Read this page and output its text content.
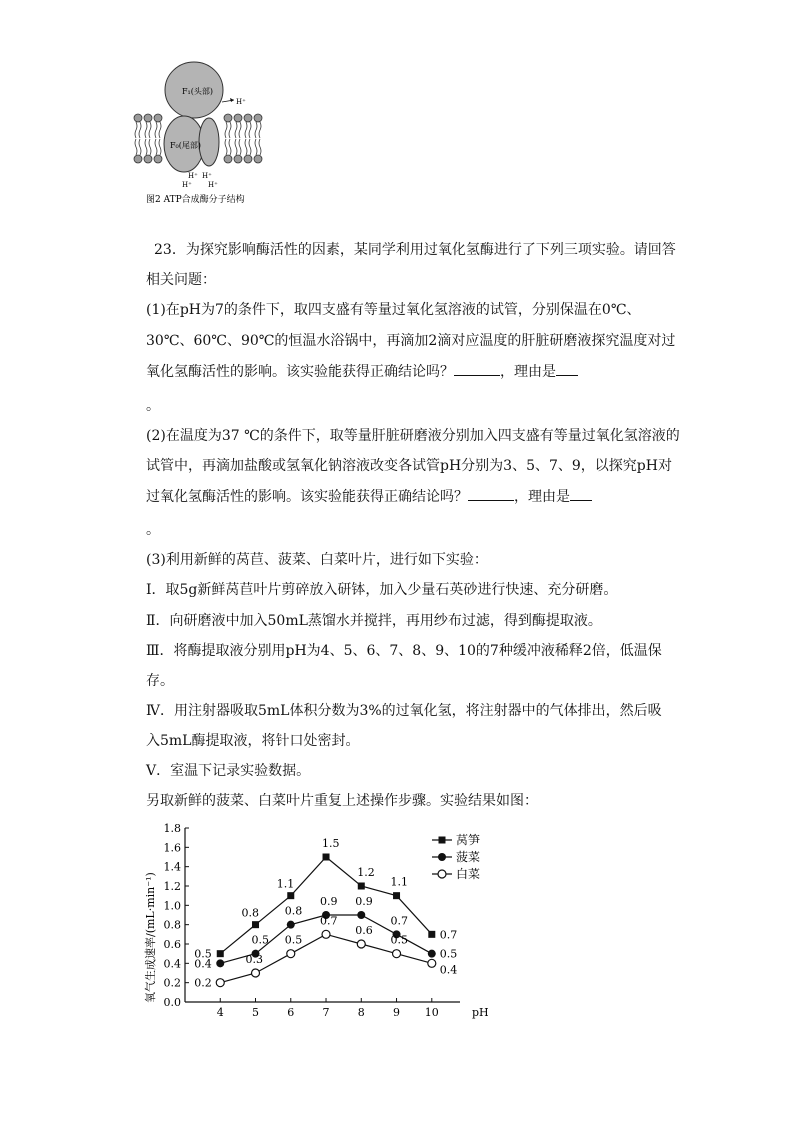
F₁(头部)
F₀(尾部)
H⁺
H⁺ H⁺
H⁺ H⁺
图2 ATP合成酶分子结构
23．为探究影响酶活性的因素，某同学利用过氧化氢酶进行了下列三项实验。请回答
相关问题：
(1)在pH为7的条件下，取四支盛有等量过氧化氢溶液的试管，分别保温在0℃、
30℃、60℃、90℃的恒温水浴锅中，再滴加2滴对应温度的肝脏研磨液探究温度对过
氧化氢酶活性的影响。该实验能获得正确结论吗？	，理由是
。
(2)在温度为37 ℃的条件下，取等量肝脏研磨液分别加入四支盛有等量过氧化氢溶液的
试管中，再滴加盐酸或氢氧化钠溶液改变各试管pH分别为3、5、7、9，以探究pH对
过氧化氢酶活性的影响。该实验能获得正确结论吗？	，理由是
。
(3)利用新鲜的莴苣、菠菜、白菜叶片，进行如下实验：
Ⅰ．取5g新鲜莴苣叶片剪碎放入研钵，加入少量石英砂进行快速、充分研磨。
Ⅱ．向研磨液中加入50mL蒸馏水并搅拌，再用纱布过滤，得到酶提取液。
Ⅲ．将酶提取液分别用pH为4、5、6、7、8、9、10的7种缓冲液稀释2倍，低温保
存。
Ⅳ．用注射器吸取5mL体积分数为3%的过氧化氢，将注射器中的气体排出，然后吸
入5mL酶提取液，将针口处密封。
Ⅴ．室温下记录实验数据。
另取新鲜的菠菜、白菜叶片重复上述操作步骤。实验结果如图：
氧气生成速率/(mL·min⁻¹)
pH
0.0
0.2
0.4
0.6
0.8
1.0
1.2
1.4
1.6
1.8
4	5	6	7	8	9 10
0.5
0.8
1.1
1.5
1.2
1.1
0.7
0.4
0.5
0.8
0.9 0.9
0.7
0.5
0.2
0.3
0.5
0.7
0.6
0.5
0.4
莴笋
菠菜
白菜
